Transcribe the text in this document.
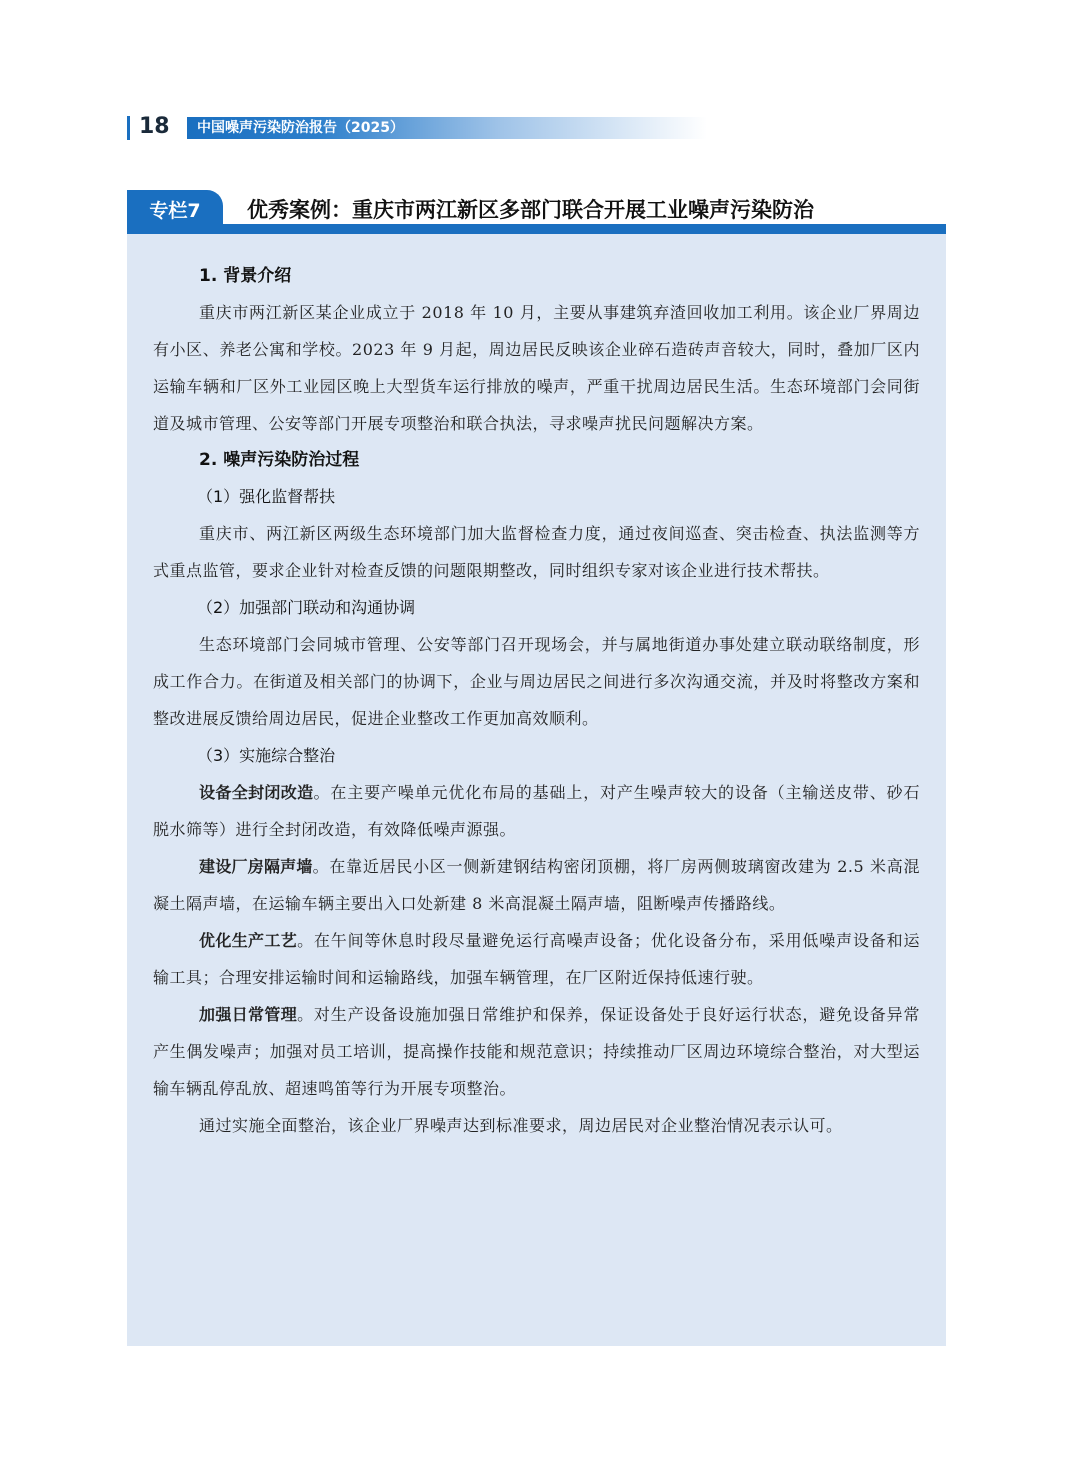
18 中国噪声污染防治报告（2025）
专栏7	优秀案例：重庆市两江新区多部门联合开展工业噪声污染防治

1. 背景介绍

重庆市两江新区某企业成立于 2018 年 10 月，主要从事建筑弃渣回收加工利用。该企业厂界周边有小区、养老公寓和学校。2023 年 9 月起，周边居民反映该企业碎石造砖声音较大，同时，叠加厂区内运输车辆和厂区外工业园区晚上大型货车运行排放的噪声，严重干扰周边居民生活。生态环境部门会同街道及城市管理、公安等部门开展专项整治和联合执法，寻求噪声扰民问题解决方案。

2. 噪声污染防治过程

（1）强化监督帮扶

重庆市、两江新区两级生态环境部门加大监督检查力度，通过夜间巡查、突击检查、执法监测等方式重点监管，要求企业针对检查反馈的问题限期整改，同时组织专家对该企业进行技术帮扶。

（2）加强部门联动和沟通协调

生态环境部门会同城市管理、公安等部门召开现场会，并与属地街道办事处建立联动联络制度，形成工作合力。在街道及相关部门的协调下，企业与周边居民之间进行多次沟通交流，并及时将整改方案和整改进展反馈给周边居民，促进企业整改工作更加高效顺利。

（3）实施综合整治

设备全封闭改造。在主要产噪单元优化布局的基础上，对产生噪声较大的设备（主输送皮带、砂石脱水筛等）进行全封闭改造，有效降低噪声源强。

建设厂房隔声墙。在靠近居民小区一侧新建钢结构密闭顶棚，将厂房两侧玻璃窗改建为 2.5 米高混凝土隔声墙，在运输车辆主要出入口处新建 8 米高混凝土隔声墙，阻断噪声传播路线。

优化生产工艺。在午间等休息时段尽量避免运行高噪声设备；优化设备分布，采用低噪声设备和运输工具；合理安排运输时间和运输路线，加强车辆管理，在厂区附近保持低速行驶。

加强日常管理。对生产设备设施加强日常维护和保养，保证设备处于良好运行状态，避免设备异常产生偶发噪声；加强对员工培训，提高操作技能和规范意识；持续推动厂区周边环境综合整治，对大型运输车辆乱停乱放、超速鸣笛等行为开展专项整治。

通过实施全面整治，该企业厂界噪声达到标准要求，周边居民对企业整治情况表示认可。
